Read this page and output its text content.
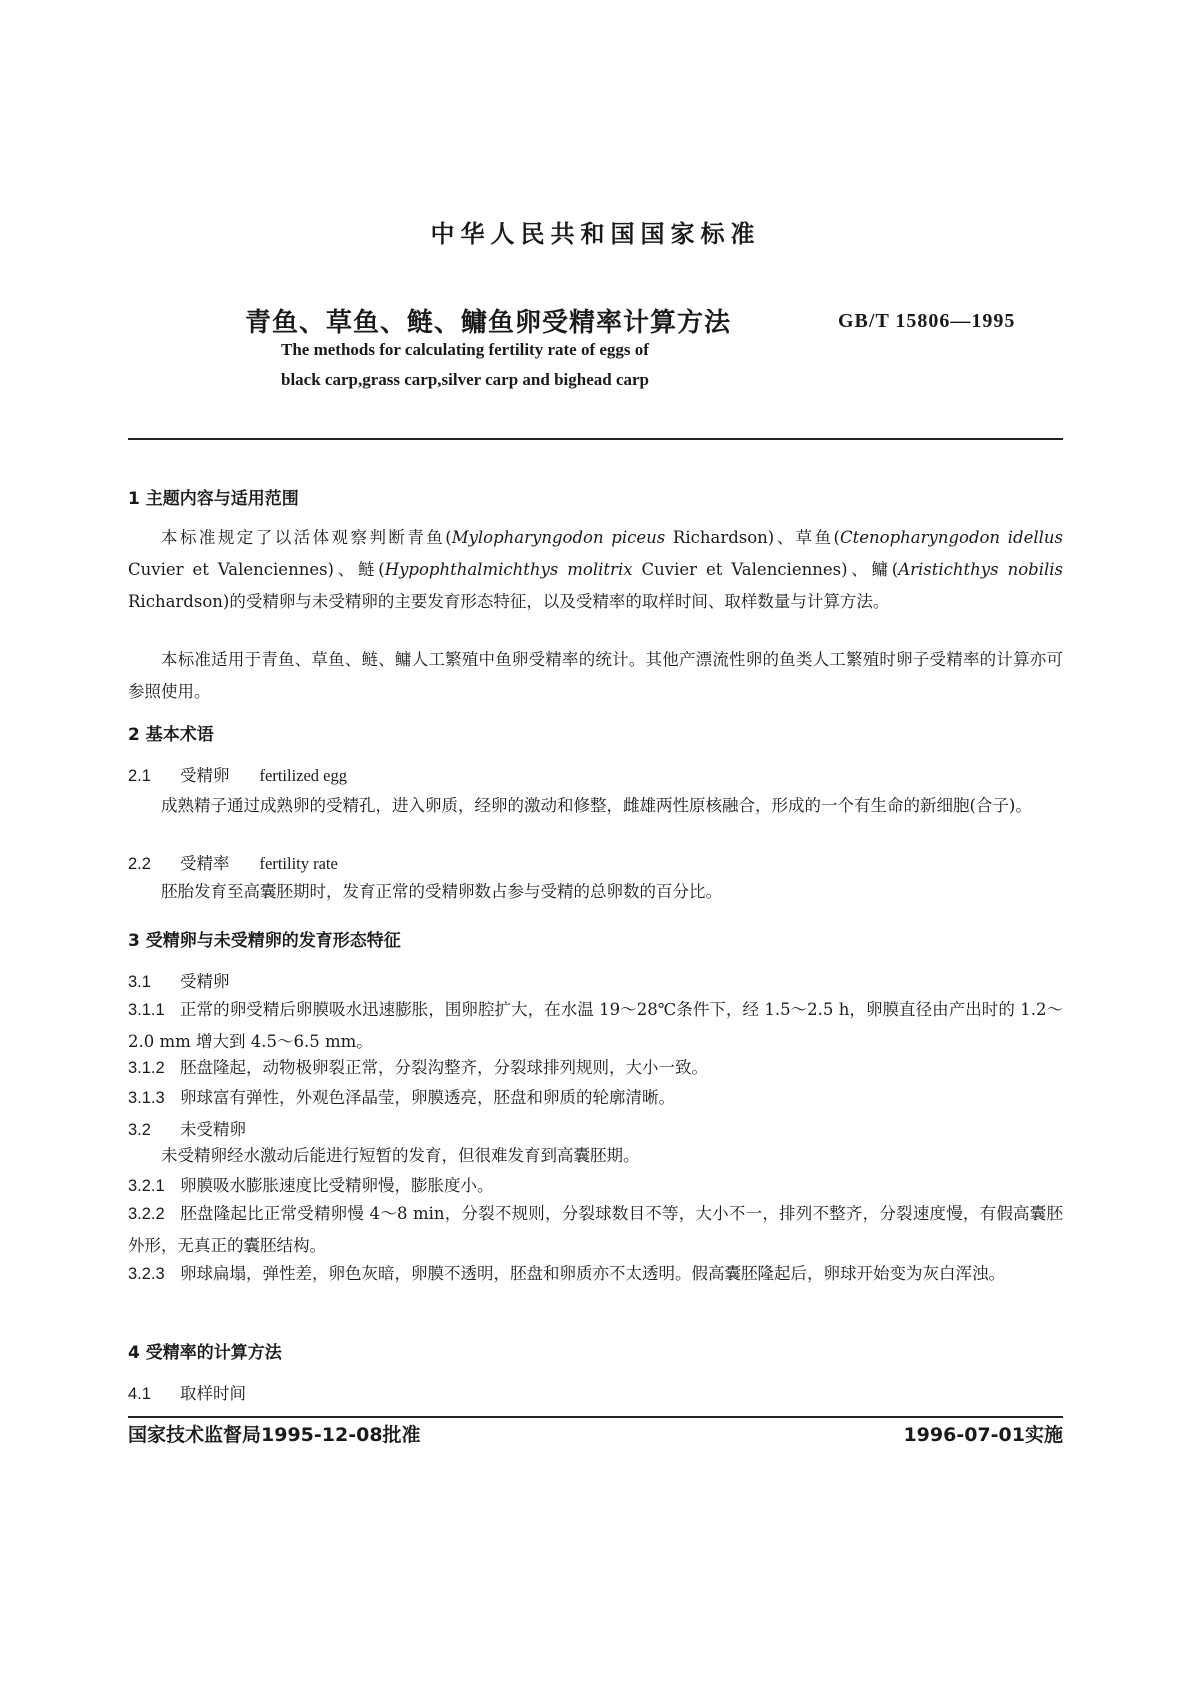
中华人民共和国国家标准
青鱼、草鱼、鲢、鳙鱼卵受精率计算方法	GB/T 15806—1995
The methods for calculating fertility rate of eggs of
black carp,grass carp,silver carp and bighead carp
1 主题内容与适用范围
本标准规定了以活体观察判断青鱼(Mylopharyngodon piceus Richardson)、草鱼(Ctenopharyngodon idellus Cuvier et Valenciennes)、鲢(Hypophthalmichthys molitrix Cuvier et Valenciennes)、鳙(Aristichthys nobilis Richardson)的受精卵与未受精卵的主要发育形态特征，以及受精率的取样时间、取样数量与计算方法。
本标准适用于青鱼、草鱼、鲢、鳙人工繁殖中鱼卵受精率的统计。其他产漂流性卵的鱼类人工繁殖时卵子受精率的计算亦可参照使用。
2 基本术语
2.1 受精卵 fertilized egg
成熟精子通过成熟卵的受精孔，进入卵质，经卵的激动和修整，雌雄两性原核融合，形成的一个有生命的新细胞(合子)。
2.2 受精率 fertility rate
胚胎发育至高囊胚期时，发育正常的受精卵数占参与受精的总卵数的百分比。
3 受精卵与未受精卵的发育形态特征
3.1 受精卵
3.1.1 正常的卵受精后卵膜吸水迅速膨胀，围卵腔扩大，在水温 19～28℃条件下，经 1.5～2.5 h，卵膜直径由产出时的 1.2～2.0 mm 增大到 4.5～6.5 mm。
3.1.2 胚盘隆起，动物极卵裂正常，分裂沟整齐，分裂球排列规则，大小一致。
3.1.3 卵球富有弹性，外观色泽晶莹，卵膜透亮，胚盘和卵质的轮廓清晰。
3.2 未受精卵
未受精卵经水激动后能进行短暂的发育，但很难发育到高囊胚期。
3.2.1 卵膜吸水膨胀速度比受精卵慢，膨胀度小。
3.2.2 胚盘隆起比正常受精卵慢 4～8 min，分裂不规则，分裂球数目不等，大小不一，排列不整齐，分裂速度慢，有假高囊胚外形，无真正的囊胚结构。
3.2.3 卵球扁塌，弹性差，卵色灰暗，卵膜不透明，胚盘和卵质亦不太透明。假高囊胚隆起后，卵球开始变为灰白浑浊。
4 受精率的计算方法
4.1 取样时间
国家技术监督局1995-12-08批准	1996-07-01实施
